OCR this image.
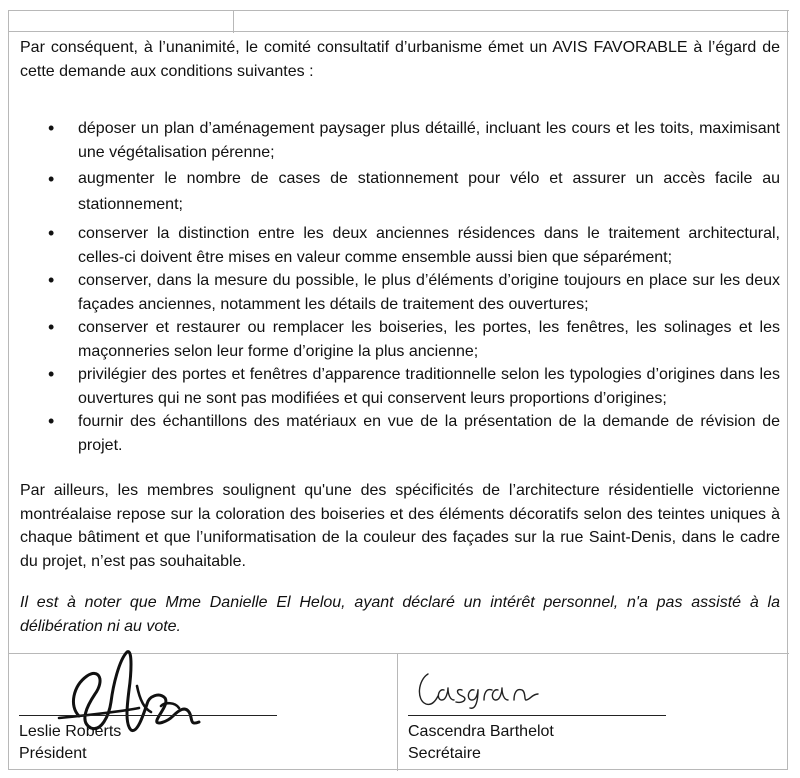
Par conséquent, à l’unanimité, le comité consultatif d’urbanisme émet un AVIS FAVORABLE à l’égard de cette demande aux conditions suivantes :

• déposer un plan d’aménagement paysager plus détaillé, incluant les cours et les toits, maximisant une végétalisation pérenne;
• augmenter le nombre de cases de stationnement pour vélo et assurer un accès facile au stationnement;
• conserver la distinction entre les deux anciennes résidences dans le traitement architectural, celles-ci doivent être mises en valeur comme ensemble aussi bien que séparément;
• conserver, dans la mesure du possible, le plus d’éléments d’origine toujours en place sur les deux façades anciennes, notamment les détails de traitement des ouvertures;
• conserver et restaurer ou remplacer les boiseries, les portes, les fenêtres, les solinages et les maçonneries selon leur forme d’origine la plus ancienne;
• privilégier des portes et fenêtres d’apparence traditionnelle selon les typologies d’origines dans les ouvertures qui ne sont pas modifiées et qui conservent leurs proportions d’origines;
• fournir des échantillons des matériaux en vue de la présentation de la demande de révision de projet.

Par ailleurs, les membres soulignent qu'une des spécificités de l’architecture résidentielle victorienne montréalaise repose sur la coloration des boiseries et des éléments décoratifs selon des teintes uniques à chaque bâtiment et que l’uniformatisation de la couleur des façades sur la rue Saint-Denis, dans le cadre du projet, n’est pas souhaitable.

Il est à noter que Mme Danielle El Helou, ayant déclaré un intérêt personnel, n'a pas assisté à la délibération ni au vote.

Leslie Roberts
Président
Cascendra Barthelot
Secrétaire
